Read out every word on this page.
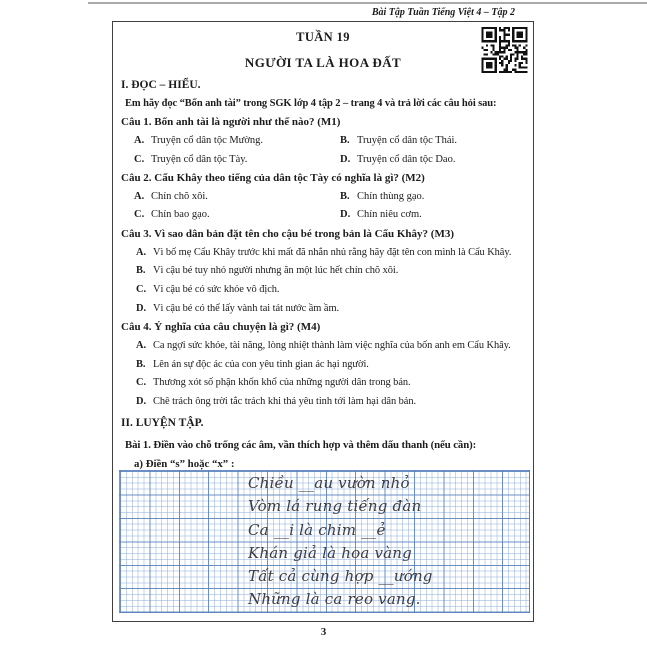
Bài Tập Tuần Tiếng Việt 4 – Tập 2
TUẦN 19
NGƯỜI TA LÀ HOA ĐẤT
I. ĐỌC – HIỂU.
Em hãy đọc “Bốn anh tài” trong SGK lớp 4 tập 2 – trang 4 và trả lời các câu hỏi sau:
Câu 1. Bốn anh tài là người như thế nào? (M1)
A. Truyện cổ dân tộc Mường.	B. Truyện cổ dân tộc Thái.
C. Truyện cổ dân tộc Tày.	D. Truyện cổ dân tộc Dao.
Câu 2. Cẩu Khây theo tiếng của dân tộc Tày có nghĩa là gì? (M2)
A. Chín chõ xôi.	B. Chín thùng gạo.
C. Chín bao gạo.	D. Chín niêu cơm.
Câu 3. Vì sao dân bản đặt tên cho cậu bé trong bản là Cẩu Khây? (M3)
A. Vì bố mẹ Cẩu Khây trước khi mất đã nhắn nhủ rằng hãy đặt tên con mình là Cẩu Khây.
B. Vì cậu bé tuy nhỏ người nhưng ăn một lúc hết chín chõ xôi.
C. Vì cậu bé có sức khỏe vô địch.
D. Vì cậu bé có thể lấy vành tai tát nước ầm ầm.
Câu 4. Ý nghĩa của câu chuyện là gì? (M4)
A. Ca ngợi sức khỏe, tài năng, lòng nhiệt thành làm việc nghĩa của bốn anh em Cẩu Khây.
B. Lên án sự độc ác của con yêu tinh gian ác hại người.
C. Thương xót số phận khốn khổ của những người dân trong bản.
D. Chê trách ông trời tắc trách khi thả yêu tinh tới làm hại dân bản.
II. LUYỆN TẬP.
Bài 1. Điền vào chỗ trống các âm, vần thích hợp và thêm dấu thanh (nếu cần):
a) Điền “s” hoặc “x” :
Chiều __au vườn nhỏ
Vòm lá rung tiếng đàn
Ca __i là chim __ẻ
Khán giả là hoa vàng
Tất cả cùng hợp __ướng
Những là ca reo vang.
3
